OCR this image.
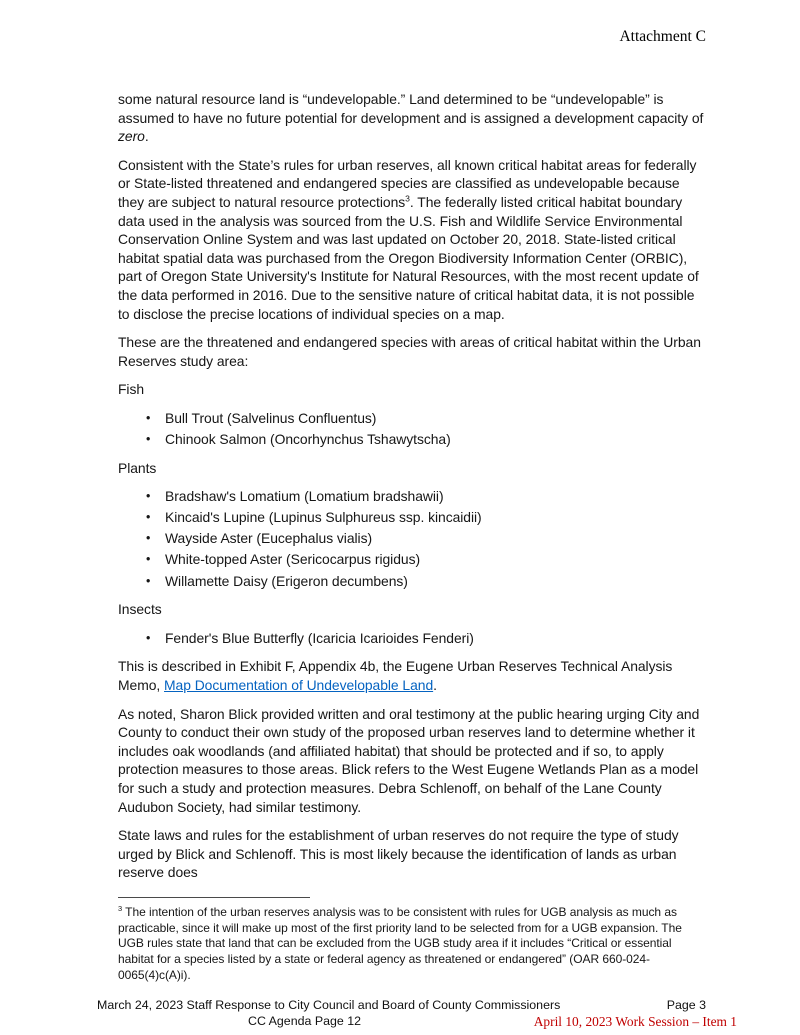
Attachment C

some natural resource land is “undevelopable.” Land determined to be “undevelopable” is assumed to have no future potential for development and is assigned a development capacity of zero.

Consistent with the State’s rules for urban reserves, all known critical habitat areas for federally or State-listed threatened and endangered species are classified as undevelopable because they are subject to natural resource protections$^3$. The federally listed critical habitat boundary data used in the analysis was sourced from the U.S. Fish and Wildlife Service Environmental Conservation Online System and was last updated on October 20, 2018. State-listed critical habitat spatial data was purchased from the Oregon Biodiversity Information Center (ORBIC), part of Oregon State University's Institute for Natural Resources, with the most recent update of the data performed in 2016. Due to the sensitive nature of critical habitat data, it is not possible to disclose the precise locations of individual species on a map.

These are the threatened and endangered species with areas of critical habitat within the Urban Reserves study area:

Fish

•	Bull Trout (Salvelinus Confluentus)
•	Chinook Salmon (Oncorhynchus Tshawytscha)

Plants

•	Bradshaw's Lomatium (Lomatium bradshawii)
•	Kincaid's Lupine (Lupinus Sulphureus ssp. kincaidii)
•	Wayside Aster (Eucephalus vialis)
•	White-topped Aster (Sericocarpus rigidus)
•	Willamette Daisy (Erigeron decumbens)

Insects

•	Fender's Blue Butterfly (Icaricia Icarioides Fenderi)

This is described in Exhibit F, Appendix 4b, the Eugene Urban Reserves Technical Analysis Memo, Map Documentation of Undevelopable Land.

As noted, Sharon Blick provided written and oral testimony at the public hearing urging City and County to conduct their own study of the proposed urban reserves land to determine whether it includes oak woodlands (and affiliated habitat) that should be protected and if so, to apply protection measures to those areas. Blick refers to the West Eugene Wetlands Plan as a model for such a study and protection measures. Debra Schlenoff, on behalf of the Lane County Audubon Society, had similar testimony.

State laws and rules for the establishment of urban reserves do not require the type of study urged by Blick and Schlenoff. This is most likely because the identification of lands as urban reserve does

$^3$ The intention of the urban reserves analysis was to be consistent with rules for UGB analysis as much as practicable, since it will make up most of the first priority land to be selected from for a UGB expansion. The UGB rules state that land that can be excluded from the UGB study area if it includes “Critical or essential habitat for a species listed by a state or federal agency as threatened or endangered” (OAR 660-024-0065(4)c(A)i).

March 24, 2023 Staff Response to City Council and Board of County Commissioners	Page 3
CC Agenda Page 12	April 10, 2023 Work Session – Item 1
